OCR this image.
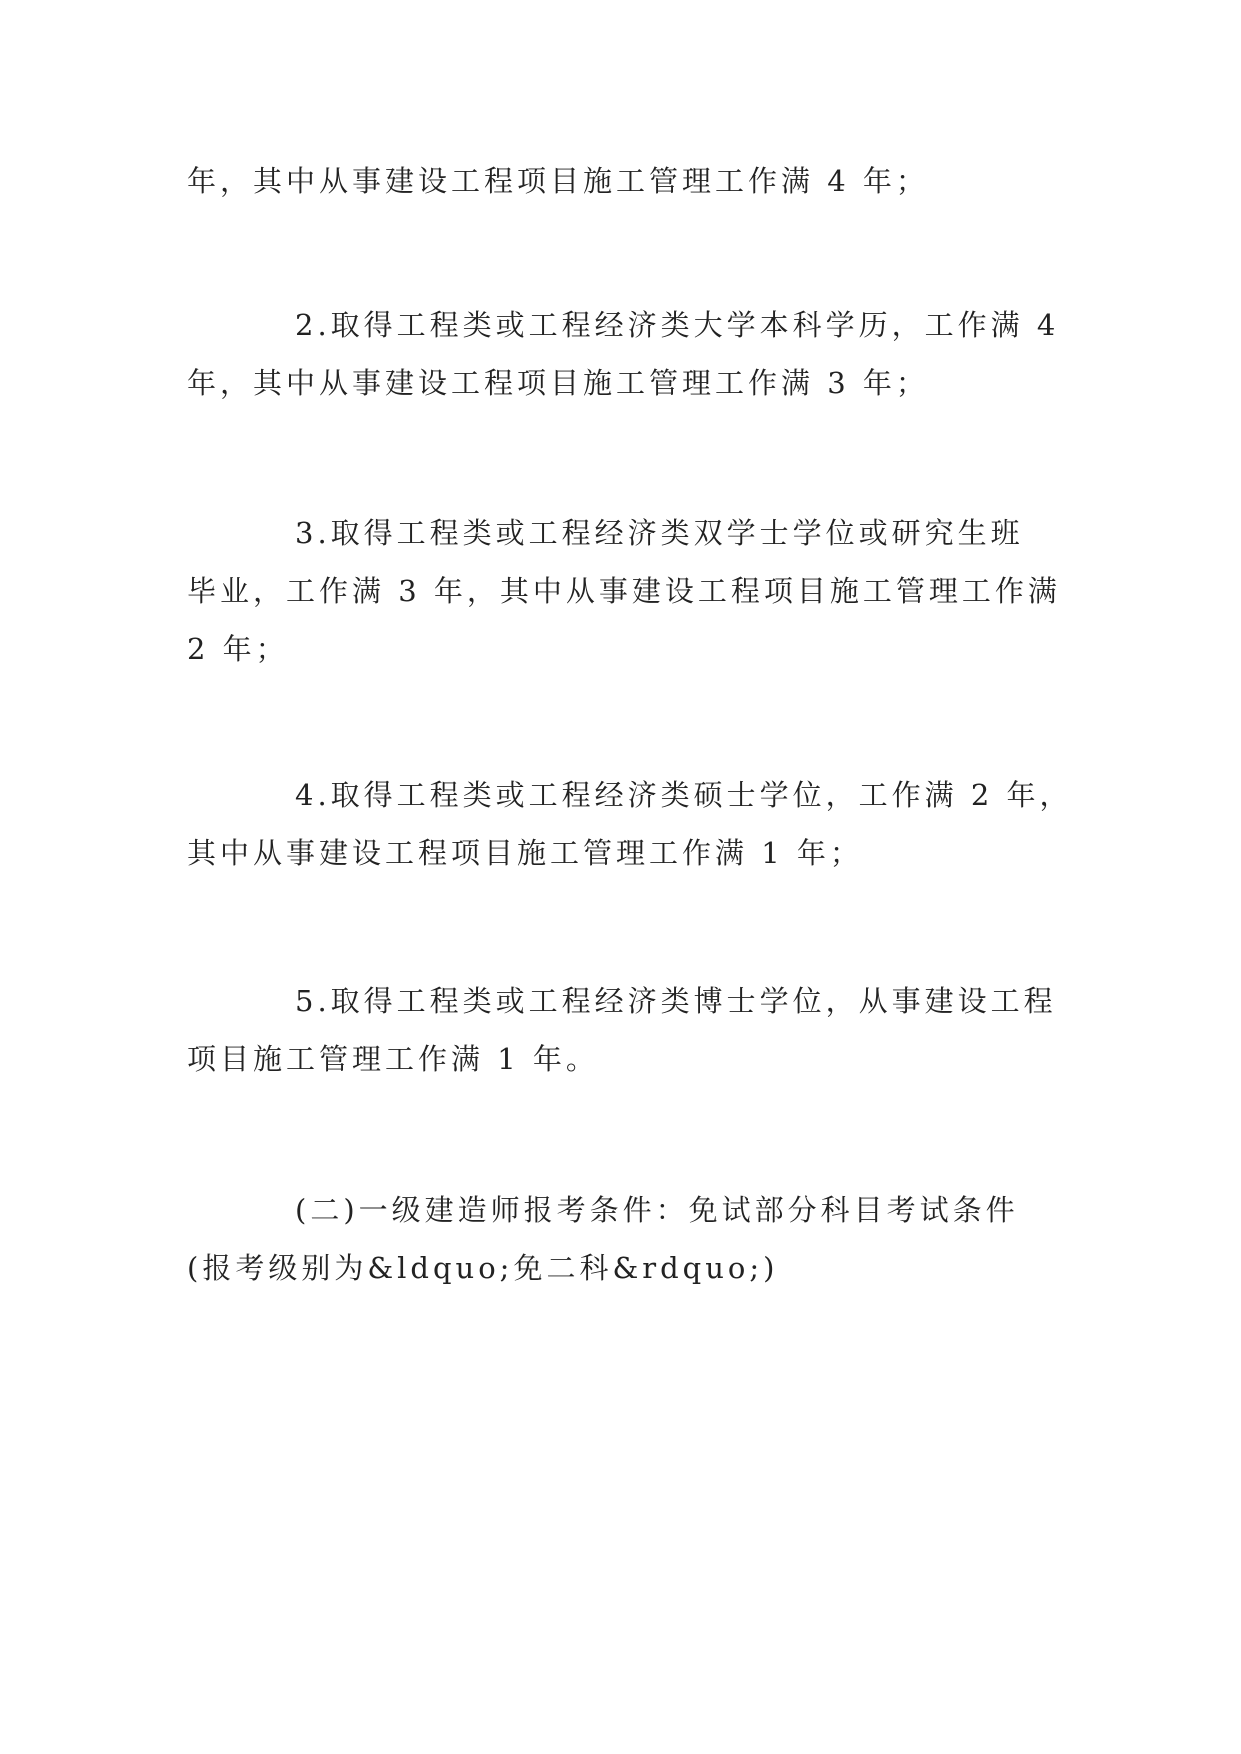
年，其中从事建设工程项目施工管理工作满 4 年；

2.取得工程类或工程经济类大学本科学历，工作满 4
年，其中从事建设工程项目施工管理工作满 3 年；

3.取得工程类或工程经济类双学士学位或研究生班
毕业，工作满 3 年，其中从事建设工程项目施工管理工作满
2 年；

4.取得工程类或工程经济类硕士学位，工作满 2 年，
其中从事建设工程项目施工管理工作满 1 年；

5.取得工程类或工程经济类博士学位，从事建设工程
项目施工管理工作满 1 年。

(二)一级建造师报考条件：免试部分科目考试条件
(报考级别为&ldquo;免二科&rdquo;)
